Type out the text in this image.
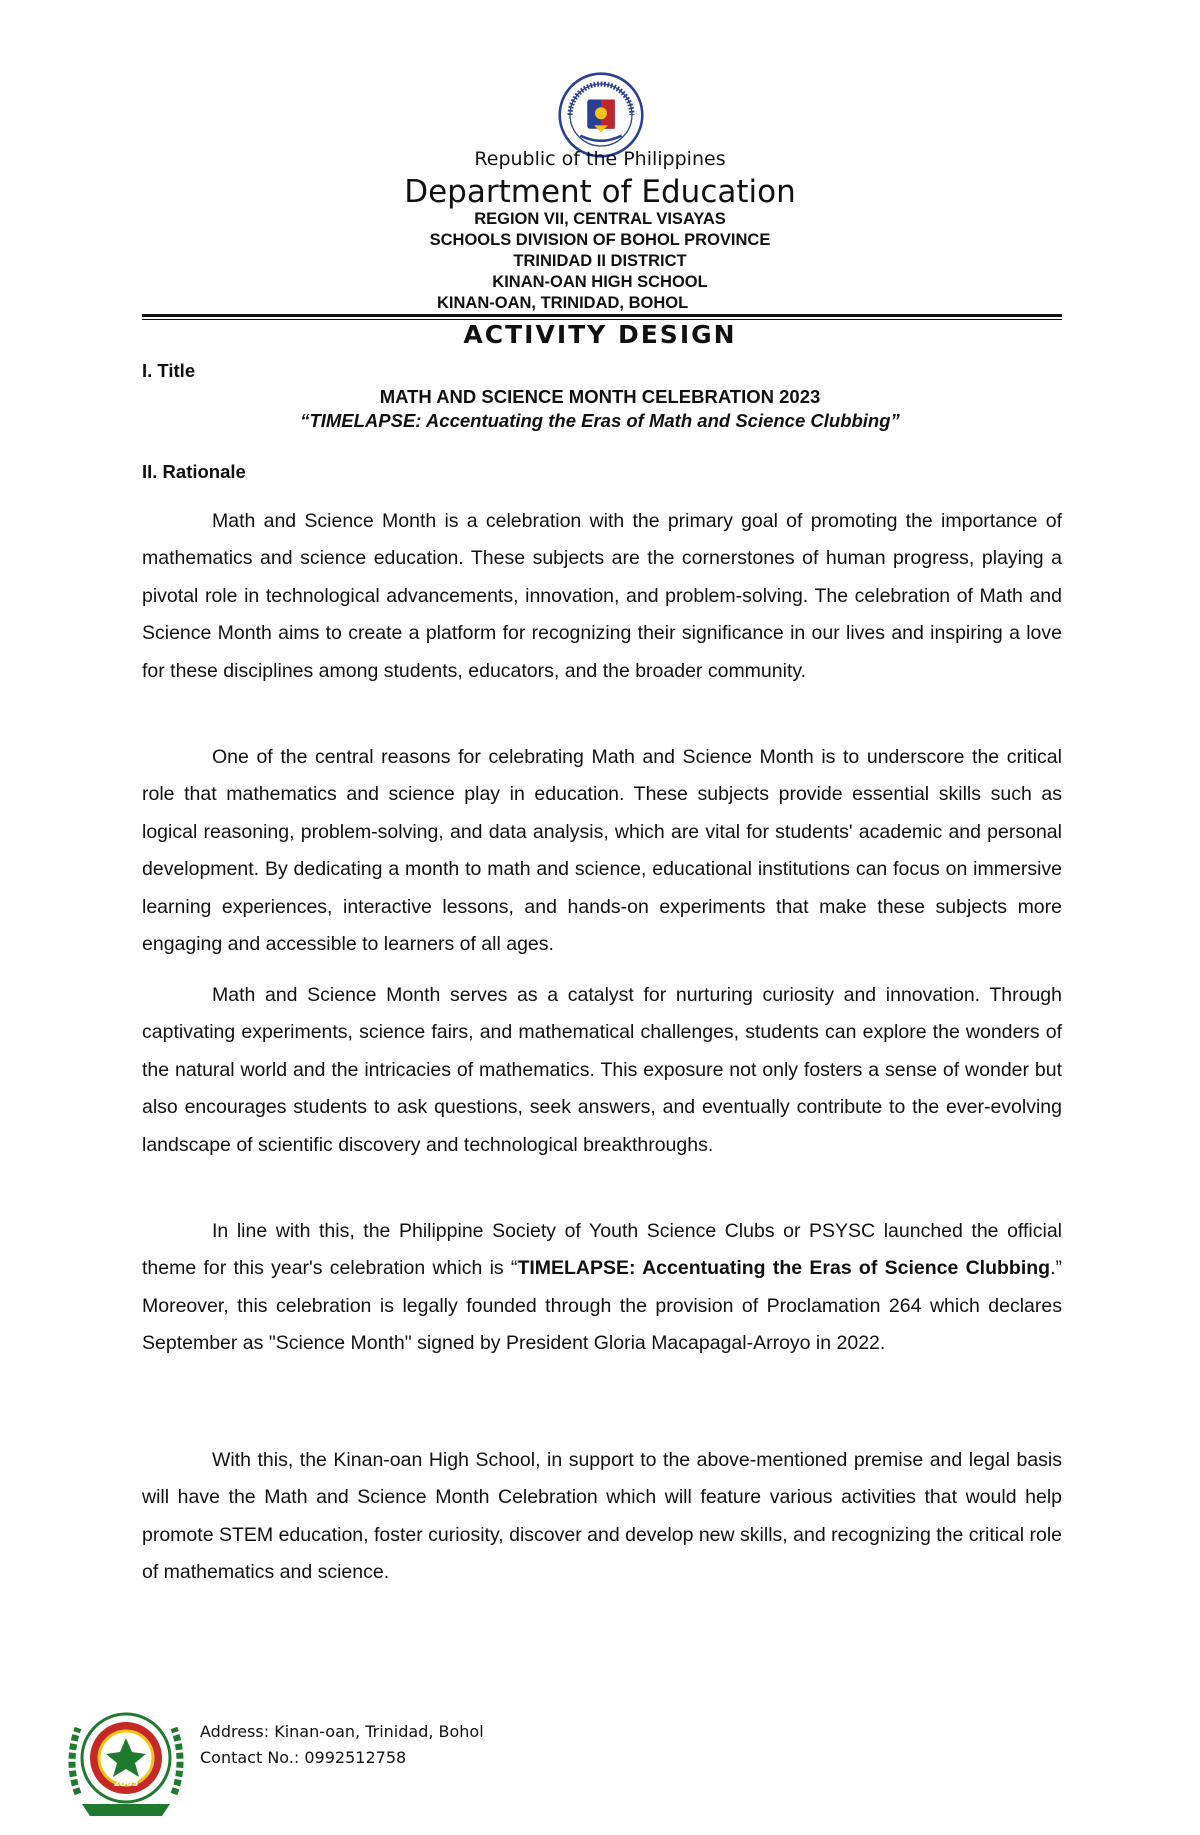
Republic of the Philippines
Department of Education
REGION VII, CENTRAL VISAYAS
SCHOOLS DIVISION OF BOHOL PROVINCE
TRINIDAD II DISTRICT
KINAN-OAN HIGH SCHOOL
KINAN-OAN, TRINIDAD, BOHOL
ACTIVITY DESIGN
I. Title
MATH AND SCIENCE MONTH CELEBRATION 2023
“TIMELAPSE: Accentuating the Eras of Math and Science Clubbing”
II. Rationale

Math and Science Month is a celebration with the primary goal of promoting the importance of mathematics and science education. These subjects are the cornerstones of human progress, playing a pivotal role in technological advancements, innovation, and problem-solving. The celebration of Math and Science Month aims to create a platform for recognizing their significance in our lives and inspiring a love for these disciplines among students, educators, and the broader community.

One of the central reasons for celebrating Math and Science Month is to underscore the critical role that mathematics and science play in education. These subjects provide essential skills such as logical reasoning, problem-solving, and data analysis, which are vital for students' academic and personal development. By dedicating a month to math and science, educational institutions can focus on immersive learning experiences, interactive lessons, and hands-on experiments that make these subjects more engaging and accessible to learners of all ages.

Math and Science Month serves as a catalyst for nurturing curiosity and innovation. Through captivating experiments, science fairs, and mathematical challenges, students can explore the wonders of the natural world and the intricacies of mathematics. This exposure not only fosters a sense of wonder but also encourages students to ask questions, seek answers, and eventually contribute to the ever-evolving landscape of scientific discovery and technological breakthroughs.

In line with this, the Philippine Society of Youth Science Clubs or PSYSC launched the official theme for this year's celebration which is “TIMELAPSE: Accentuating the Eras of Science Clubbing.” Moreover, this celebration is legally founded through the provision of Proclamation 264 which declares September as "Science Month" signed by President Gloria Macapagal-Arroyo in 2022.

With this, the Kinan-oan High School, in support to the above-mentioned premise and legal basis will have the Math and Science Month Celebration which will feature various activities that would help promote STEM education, foster curiosity, discover and develop new skills, and recognizing the critical role of mathematics and science.

2003
Address: Kinan-oan, Trinidad, Bohol
Contact No.: 0992512758
